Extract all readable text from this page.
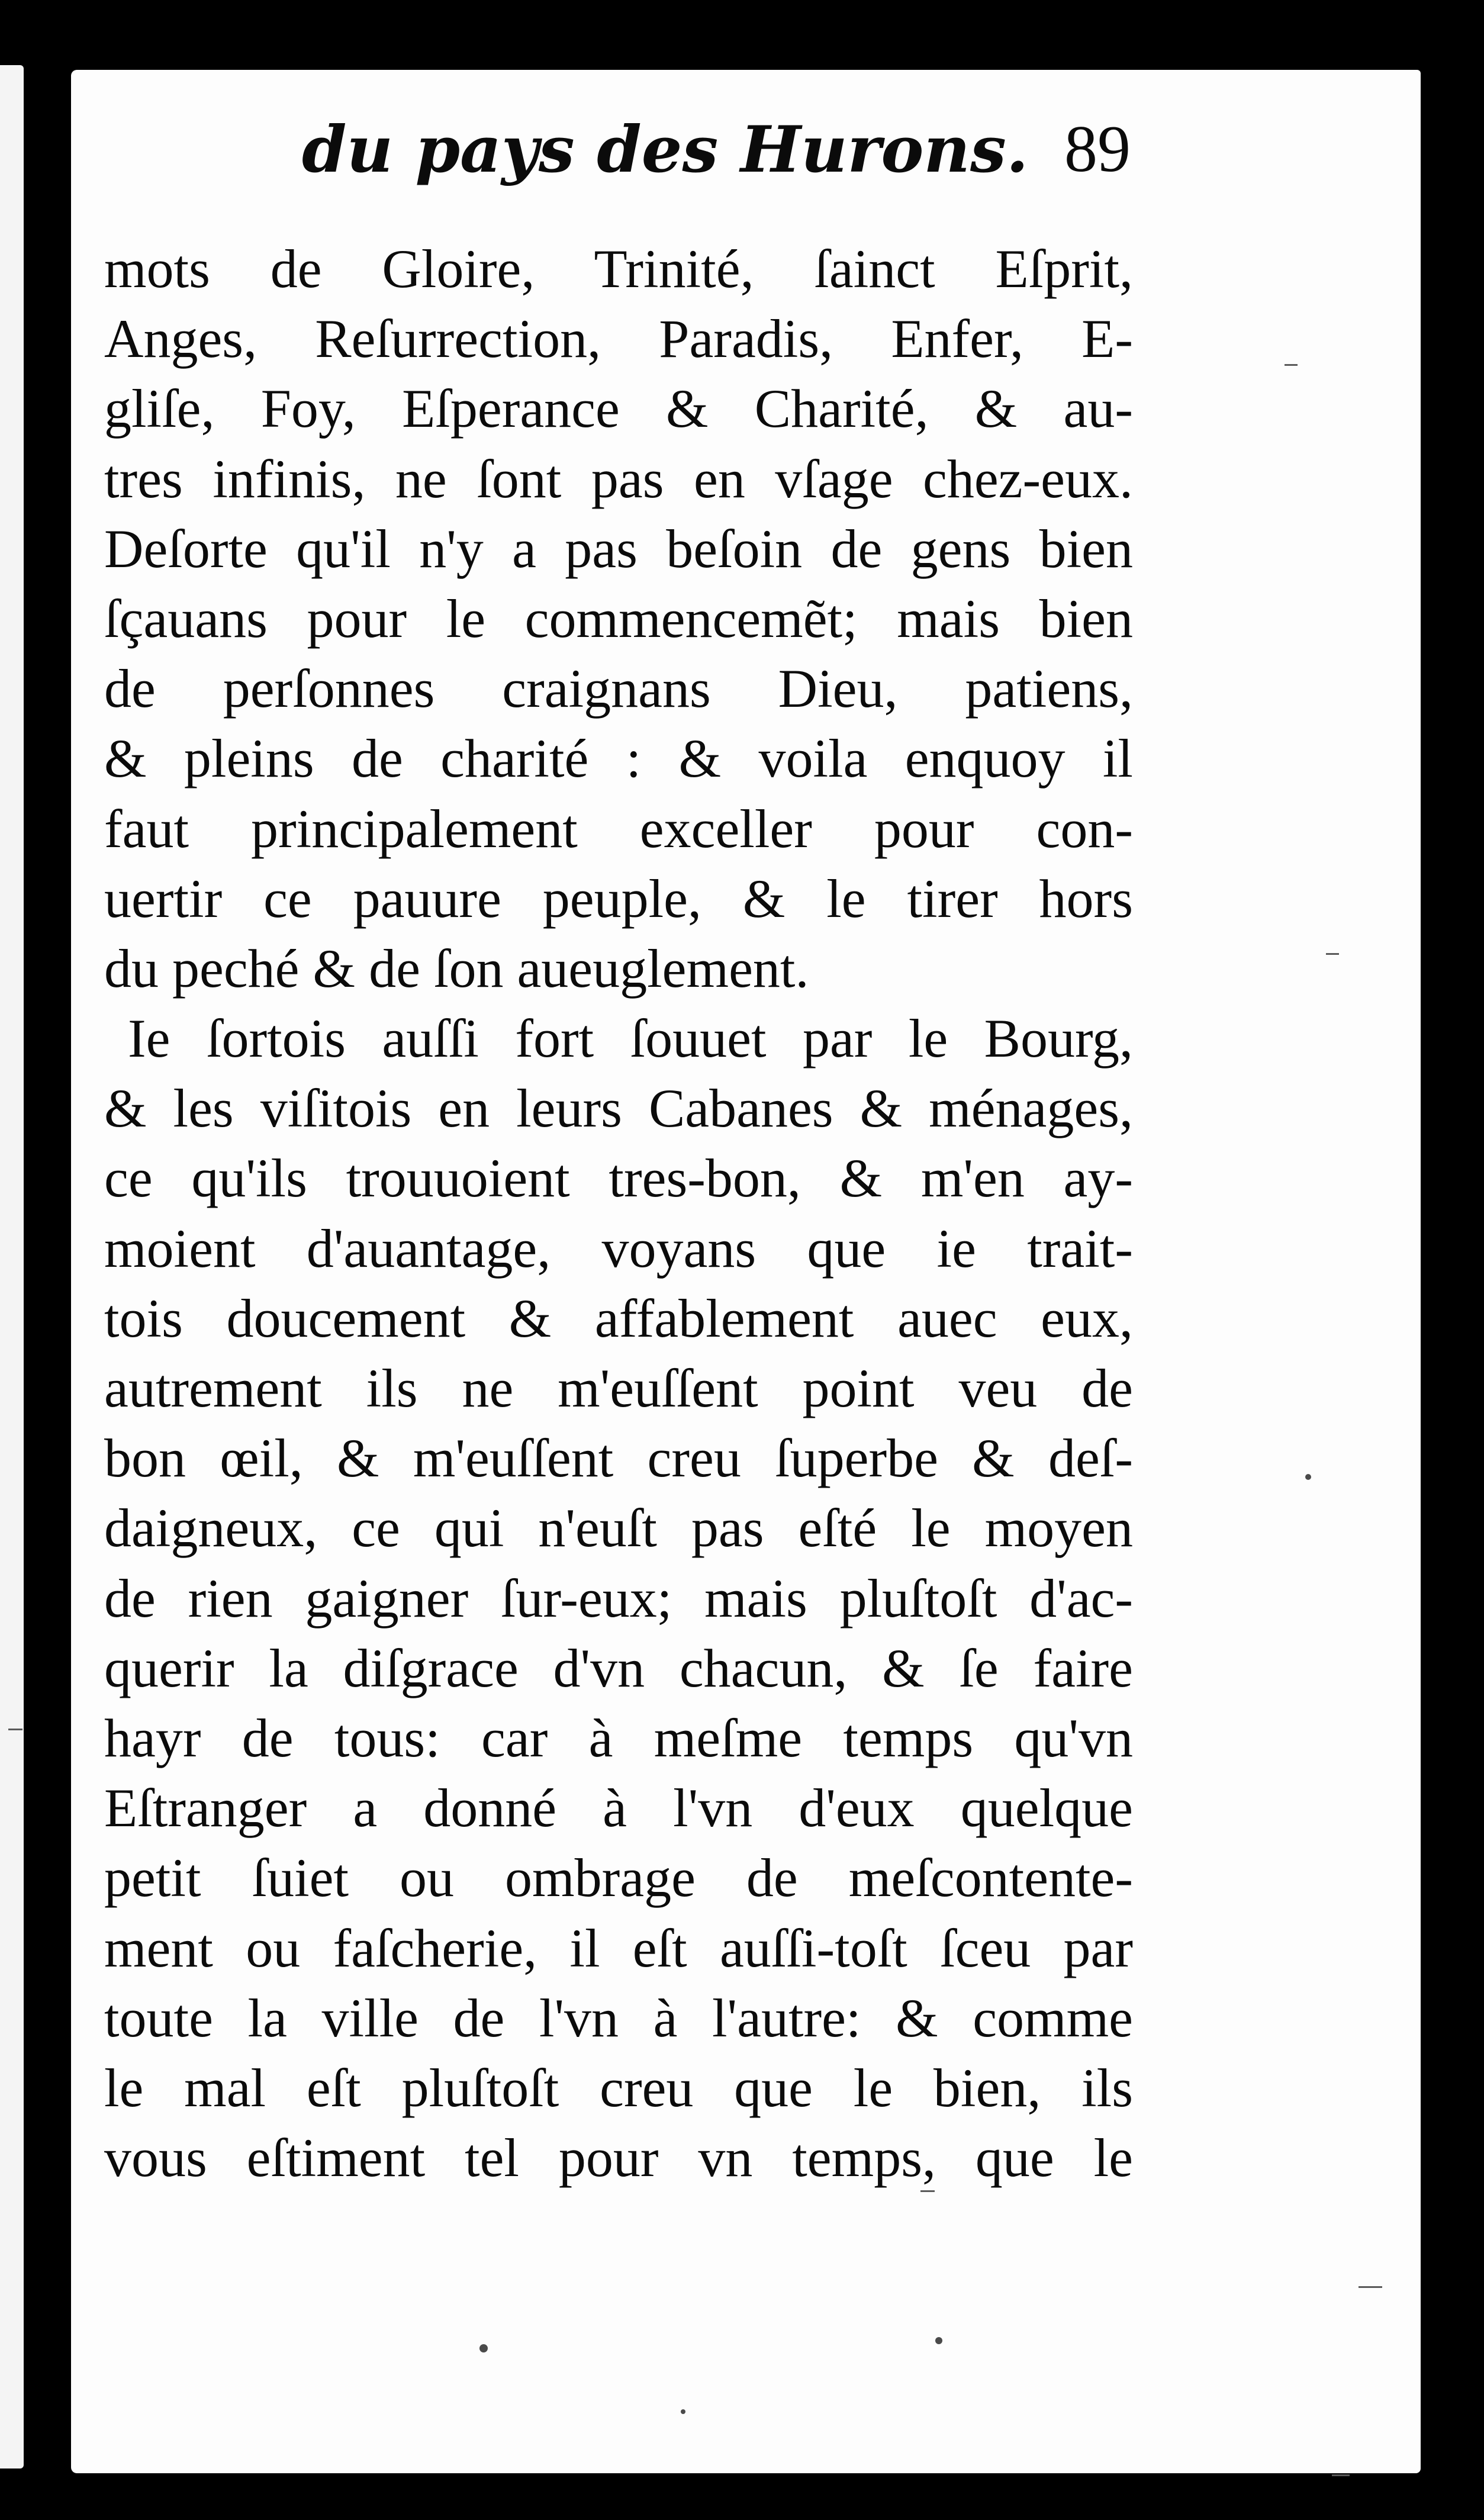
du pays des Hurons. 89
mots de Gloire, Trinité, ſainct Eſprit,
Anges, Reſurrection, Paradis, Enfer, E-
gliſe, Foy, Eſperance & Charité, & au-
tres infinis, ne ſont pas en vſage chez-eux.
Deſorte qu'il n'y a pas beſoin de gens bien
ſçauans pour le commencemẽt; mais bien
de perſonnes craignans Dieu, patiens,
& pleins de charité : & voila enquoy il
faut principalement exceller pour con-
uertir ce pauure peuple, & le tirer hors
du peché & de ſon aueuglement.
Ie ſortois auſſi fort ſouuet par le Bourg,
& les viſitois en leurs Cabanes & ménages,
ce qu'ils trouuoient tres-bon, & m'en ay-
moient d'auantage, voyans que ie trait-
tois doucement & affablement auec eux,
autrement ils ne m'euſſent point veu de
bon œil, & m'euſſent creu ſuperbe & deſ-
daigneux, ce qui n'euſt pas eſté le moyen
de rien gaigner ſur-eux; mais pluſtoſt d'ac-
querir la diſgrace d'vn chacun, & ſe faire
hayr de tous: car à meſme temps qu'vn
Eſtranger a donné à l'vn d'eux quelque
petit ſuiet ou ombrage de meſcontente-
ment ou faſcherie, il eſt auſſi-toſt ſceu par
toute la ville de l'vn à l'autre: & comme
le mal eſt pluſtoſt creu que le bien, ils
vous eſtiment tel pour vn temps, que le
